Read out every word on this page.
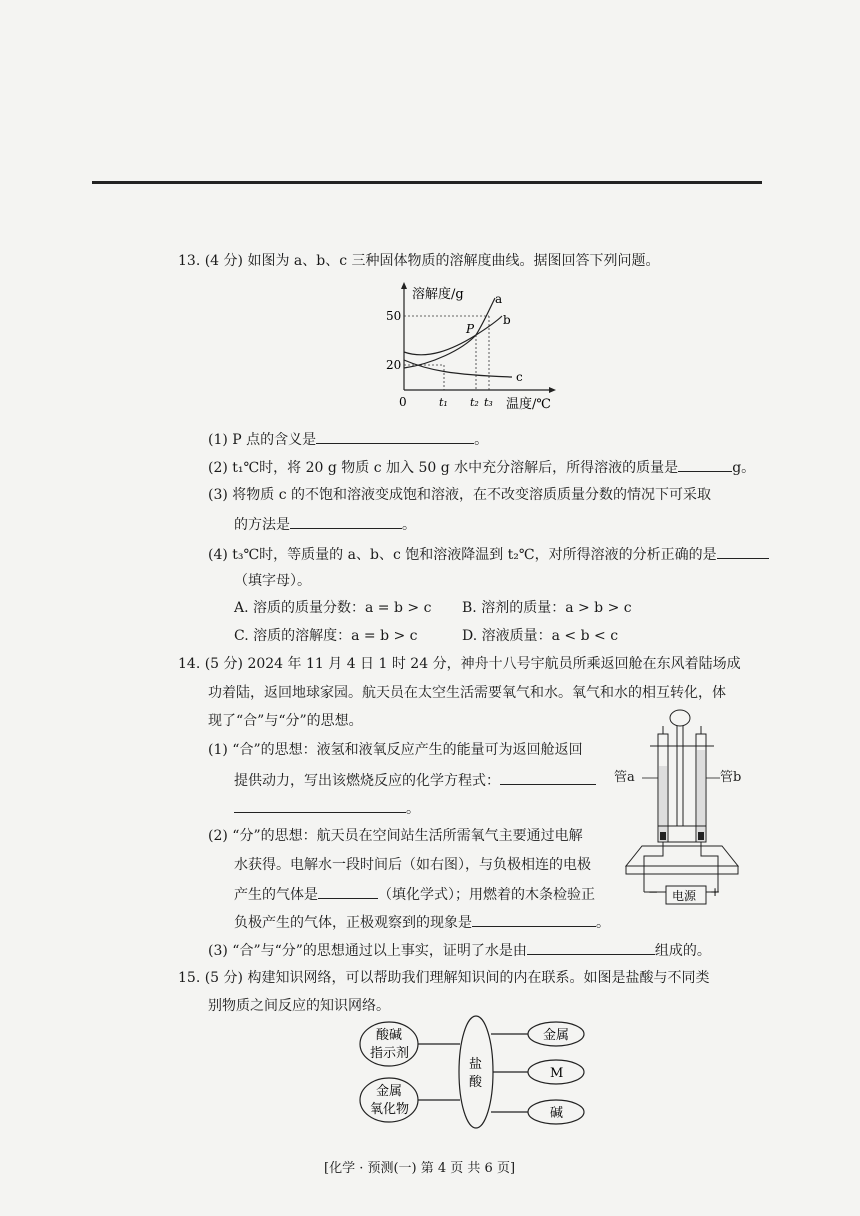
13. (4 分) 如图为 a、b、c 三种固体物质的溶解度曲线。据图回答下列问题。
溶解度/g
温度/℃
0
50
20
t₁ t₂ t₃
a
b
c
P
(1) P 点的含义是	。
(2) t₁℃时，将 20 g 物质 c 加入 50 g 水中充分溶解后，所得溶液的质量是	g。
(3) 将物质 c 的不饱和溶液变成饱和溶液，在不改变溶质质量分数的情况下可采取
的方法是	。
(4) t₃℃时，等质量的 a、b、c 饱和溶液降温到 t₂℃，对所得溶液的分析正确的是
（填字母）。
A. 溶质的质量分数：a = b > c B. 溶剂的质量：a > b > c
C. 溶质的溶解度：a = b > c	D. 溶液质量：a < b < c
14. (5 分) 2024 年 11 月 4 日 1 时 24 分，神舟十八号宇航员所乘返回舱在东风着陆场成
功着陆，返回地球家园。航天员在太空生活需要氧气和水。氧气和水的相互转化，体
现了“合”与“分”的思想。
(1) “合”的思想：液氢和液氧反应产生的能量可为返回舱返回
提供动力，写出该燃烧反应的化学方程式：
。
(2) “分”的思想：航天员在空间站生活所需氧气主要通过电解
水获得。电解水一段时间后（如右图），与负极相连的电极
产生的气体是	（填化学式）；用燃着的木条检验正
负极产生的气体，正极观察到的现象是	。
(3) “合”与“分”的思想通过以上事实，证明了水是由	组成的。
电源
−	+
管a	管b
15. (5 分) 构建知识网络，可以帮助我们理解知识间的内在联系。如图是盐酸与不同类
别物质之间反应的知识网络。
盐
酸
酸碱
指示剂
金属
氧化物
金属
M
碱
[化学 · 预测(一) 第 4 页 共 6 页]
